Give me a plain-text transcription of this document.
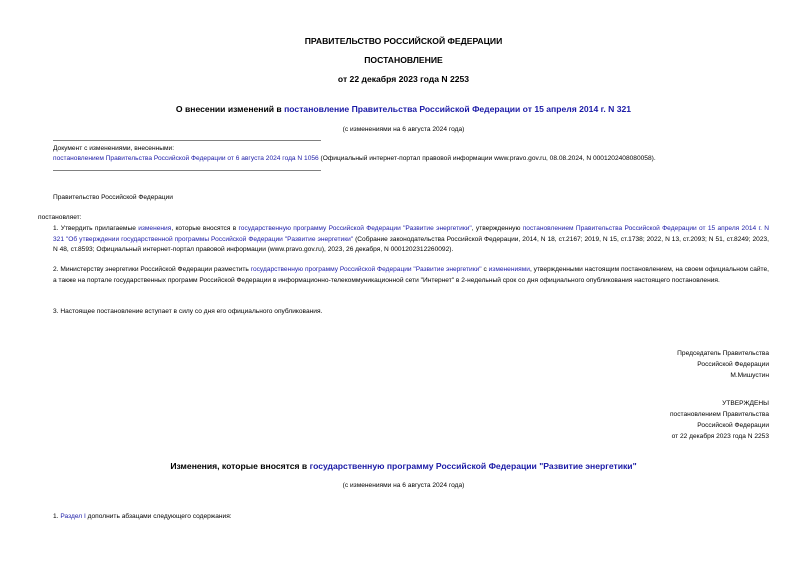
ПРАВИТЕЛЬСТВО РОССИЙСКОЙ ФЕДЕРАЦИИ
ПОСТАНОВЛЕНИЕ
от 22 декабря 2023 года N 2253
О внесении изменений в постановление Правительства Российской Федерации от 15 апреля 2014 г. N 321
(с изменениями на 6 августа 2024 года)
Документ с изменениями, внесенными:
постановлением Правительства Российской Федерации от 6 августа 2024 года N 1056 (Официальный интернет-портал правовой информации www.pravo.gov.ru, 08.08.2024, N 0001202408080058).
Правительство Российской Федерации
постановляет:
1. Утвердить прилагаемые изменения, которые вносятся в государственную программу Российской Федерации "Развитие энергетики", утвержденную постановлением Правительства Российской Федерации от 15 апреля 2014 г. N 321 "Об утверждении государственной программы Российской Федерации "Развитие энергетики" (Собрание законодательства Российской Федерации, 2014, N 18, ст.2167; 2019, N 15, ст.1738; 2022, N 13, ст.2093; N 51, ст.8249; 2023, N 48, ст.8593; Официальный интернет-портал правовой информации (www.pravo.gov.ru), 2023, 26 декабря, N 0001202312260092).
2. Министерству энергетики Российской Федерации разместить государственную программу Российской Федерации "Развитие энергетики" с изменениями, утвержденными настоящим постановлением, на своем официальном сайте, а также на портале государственных программ Российской Федерации в информационно-телекоммуникационной сети "Интернет" в 2-недельный срок со дня официального опубликования настоящего постановления.
3. Настоящее постановление вступает в силу со дня его официального опубликования.
Председатель Правительства
Российской Федерации
М.Мишустин
УТВЕРЖДЕНЫ
постановлением Правительства
Российской Федерации
от 22 декабря 2023 года N 2253
Изменения, которые вносятся в государственную программу Российской Федерации "Развитие энергетики"
(с изменениями на 6 августа 2024 года)
1. Раздел I дополнить абзацами следующего содержания:
